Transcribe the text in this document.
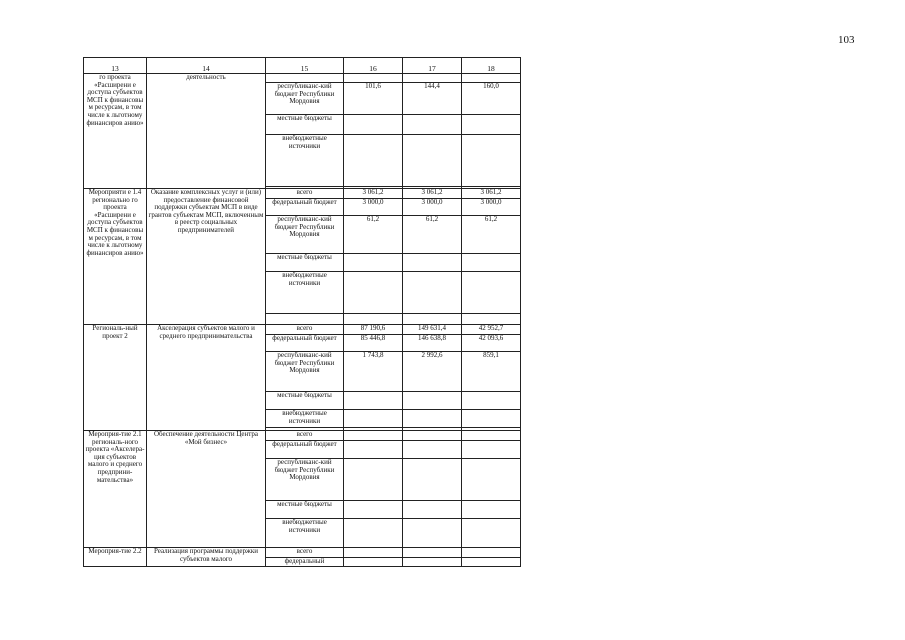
103
13	14	15	16	17	18
го проекта «Расширени е доступа субъектов МСП к финансовы м ресурсам, в том числе к льготному финансиров анию»	деятельность				
		республиканс-кий бюджет Республики Мордовия	101,6	144,4	160,0
		местные бюджеты			
		внебюджетные источники			

Мероприяти е 1.4 регионально го проекта «Расширени е доступа субъектов МСП к финансовы м ресурсам, в том числе к льготному финансиров анию»	Оказание комплексных услуг и (или) предоставление финансовой поддержки субъектам МСП в виде грантов субъектам МСП, включенным в реестр социальных предпринимателей	всего	3 061,2	3 061,2	3 061,2
		федеральный бюджет	3 000,0	3 000,0	3 000,0
		республиканс-кий бюджет Республики Мордовия	61,2	61,2	61,2
		местные бюджеты			
		внебюджетные источники			

Региональ-ный проект 2	Акселерация субъектов малого и среднего предпринимательства	всего	87 190,6	149 631,4	42 952,7
		федеральный бюджет	85 446,8	146 638,8	42 093,6
		республиканс-кий бюджет Республики Мордовия	1 743,8	2 992,6	859,1
		местные бюджеты			
		внебюджетные источники			

Мероприя-тие 2.1 региональ-ного проекта «Акселера-ция субъектов малого и среднего предприни-мательства»	Обеспечение деятельности Центра «Мой бизнес»	всего			
		федеральный бюджет			
		республиканс-кий бюджет Республики Мордовия			
		местные бюджеты			
		внебюджетные источники			
Мероприя-тие 2.2	Реализация программы поддержки субъектов малого	всего			
		федеральный			
